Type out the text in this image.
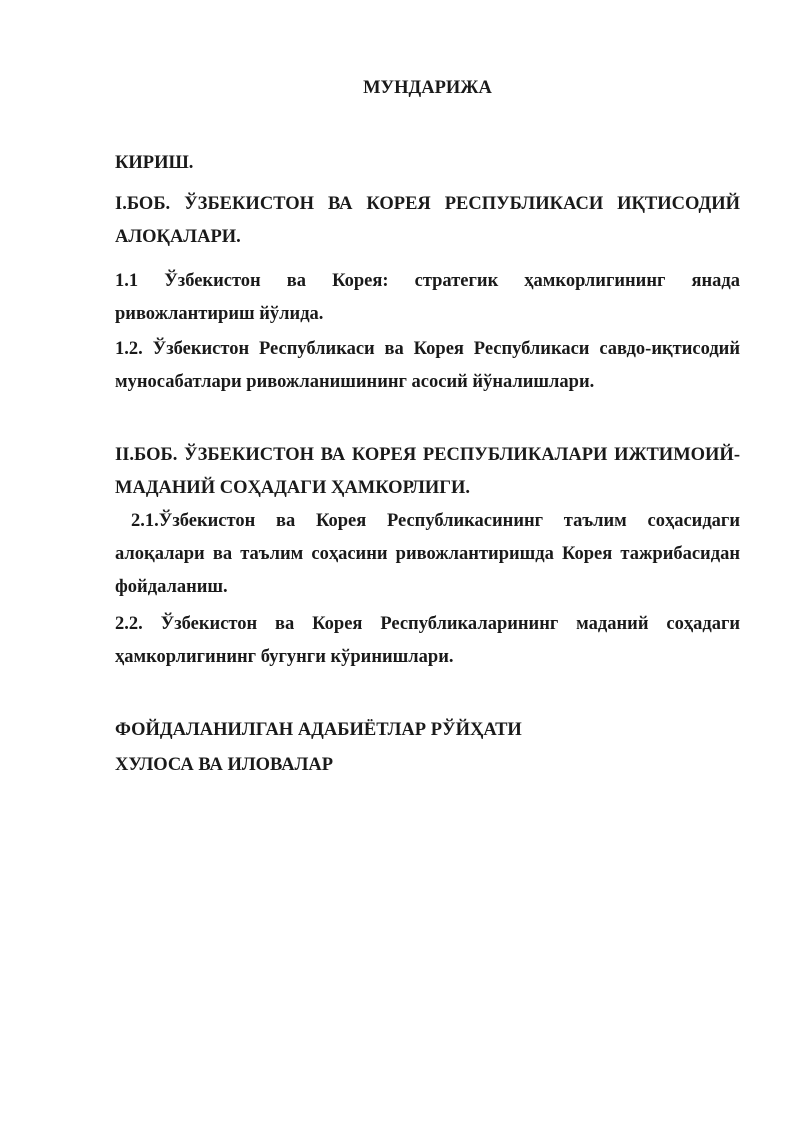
МУНДАРИЖА
КИРИШ.
I.БОБ. ЎЗБЕКИСТОН ВА КОРЕЯ РЕСПУБЛИКАСИ ИҚТИСОДИЙ
АЛОҚАЛАРИ.
1.1 Ўзбекистон ва Корея: стратегик ҳамкорлигининг янада
ривожлантириш йўлида.
1.2. Ўзбекистон Республикаси ва Корея Республикаси савдо-иқтисодий
муносабатлари ривожланишининг асосий йўналишлари.
II.БОБ. ЎЗБЕКИСТОН ВА КОРЕЯ РЕСПУБЛИКАЛАРИ ИЖТИМОИЙ-
МАДАНИЙ СОҲАДАГИ ҲАМКОРЛИГИ.
2.1.Ўзбекистон ва Корея Республикасининг таълим соҳасидаги
алоқалари ва таълим соҳасини ривожлантиришда Корея тажрибасидан
фойдаланиш.
2.2. Ўзбекистон ва Корея Республикаларининг маданий соҳадаги
ҳамкорлигининг бугунги кўринишлари.
ФОЙДАЛАНИЛГАН АДАБИЁТЛАР РЎЙҲАТИ
ХУЛОСА ВА ИЛОВАЛАР
